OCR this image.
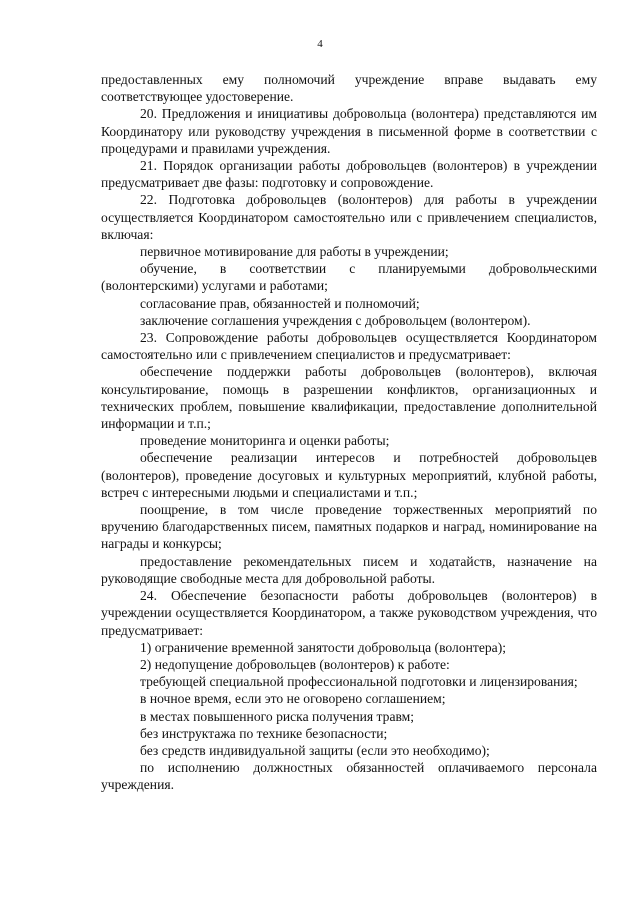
4

предоставленных ему полномочий учреждение вправе выдавать ему соответствующее удостоверение.

20. Предложения и инициативы добровольца (волонтера) представляются им Координатору или руководству учреждения в письменной форме в соответствии с процедурами и правилами учреждения.

21. Порядок организации работы добровольцев (волонтеров) в учреждении предусматривает две фазы: подготовку и сопровождение.

22. Подготовка добровольцев (волонтеров) для работы в учреждении осуществляется Координатором самостоятельно или с привлечением специалистов, включая:

первичное мотивирование для работы в учреждении;

обучение, в соответствии с планируемыми добровольческими (волонтерскими) услугами и работами;

согласование прав, обязанностей и полномочий;

заключение соглашения учреждения с добровольцем (волонтером).

23. Сопровождение работы добровольцев осуществляется Координатором самостоятельно или с привлечением специалистов и предусматривает:

обеспечение поддержки работы добровольцев (волонтеров), включая консультирование, помощь в разрешении конфликтов, организационных и технических проблем, повышение квалификации, предоставление дополнительной информации и т.п.;

проведение мониторинга и оценки работы;

обеспечение реализации интересов и потребностей добровольцев (волонтеров), проведение досуговых и культурных мероприятий, клубной работы, встреч с интересными людьми и специалистами и т.п.;

поощрение, в том числе проведение торжественных мероприятий по вручению благодарственных писем, памятных подарков и наград, номинирование на награды и конкурсы;

предоставление рекомендательных писем и ходатайств, назначение на руководящие свободные места для добровольной работы.

24. Обеспечение безопасности работы добровольцев (волонтеров) в учреждении осуществляется Координатором, а также руководством учреждения, что предусматривает:

1) ограничение временной занятости добровольца (волонтера);

2) недопущение добровольцев (волонтеров) к работе:

требующей специальной профессиональной подготовки и лицензирования;

в ночное время, если это не оговорено соглашением;

в местах повышенного риска получения травм;

без инструктажа по технике безопасности;

без средств индивидуальной защиты (если это необходимо);

по исполнению должностных обязанностей оплачиваемого персонала учреждения.
